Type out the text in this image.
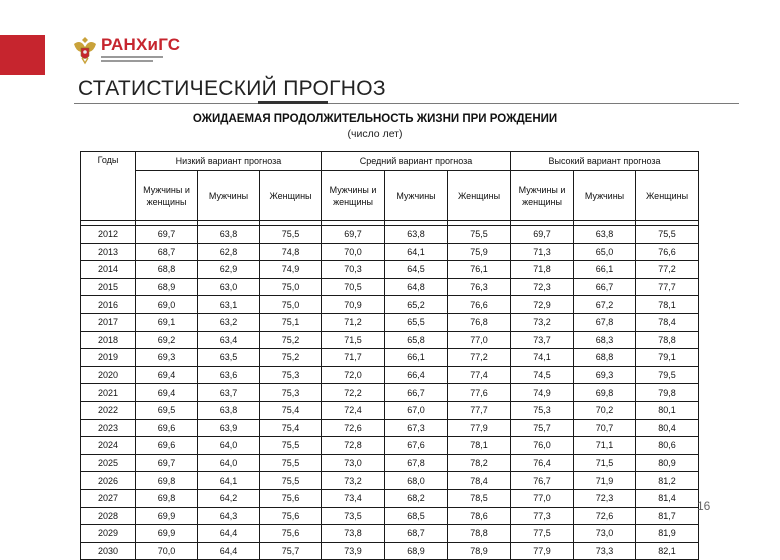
РАНХиГС
СТАТИСТИЧЕСКИЙ ПРОГНОЗ
ОЖИДАЕМАЯ ПРОДОЛЖИТЕЛЬНОСТЬ ЖИЗНИ ПРИ РОЖДЕНИИ
(число лет)
Годы	Низкий вариант прогноза			Средний вариант прогноза			Высокий вариант прогноза		
	Мужчины и женщины	Мужчины	Женщины	Мужчины и женщины	Мужчины	Женщины	Мужчины и женщины	Мужчины	Женщины

2012	69,7	63,8	75,5	69,7	63,8	75,5	69,7	63,8	75,5
2013	68,7	62,8	74,8	70,0	64,1	75,9	71,3	65,0	76,6
2014	68,8	62,9	74,9	70,3	64,5	76,1	71,8	66,1	77,2
2015	68,9	63,0	75,0	70,5	64,8	76,3	72,3	66,7	77,7
2016	69,0	63,1	75,0	70,9	65,2	76,6	72,9	67,2	78,1
2017	69,1	63,2	75,1	71,2	65,5	76,8	73,2	67,8	78,4
2018	69,2	63,4	75,2	71,5	65,8	77,0	73,7	68,3	78,8
2019	69,3	63,5	75,2	71,7	66,1	77,2	74,1	68,8	79,1
2020	69,4	63,6	75,3	72,0	66,4	77,4	74,5	69,3	79,5
2021	69,4	63,7	75,3	72,2	66,7	77,6	74,9	69,8	79,8
2022	69,5	63,8	75,4	72,4	67,0	77,7	75,3	70,2	80,1
2023	69,6	63,9	75,4	72,6	67,3	77,9	75,7	70,7	80,4
2024	69,6	64,0	75,5	72,8	67,6	78,1	76,0	71,1	80,6
2025	69,7	64,0	75,5	73,0	67,8	78,2	76,4	71,5	80,9
2026	69,8	64,1	75,5	73,2	68,0	78,4	76,7	71,9	81,2
2027	69,8	64,2	75,6	73,4	68,2	78,5	77,0	72,3	81,4
2028	69,9	64,3	75,6	73,5	68,5	78,6	77,3	72,6	81,7
2029	69,9	64,4	75,6	73,8	68,7	78,8	77,5	73,0	81,9
2030	70,0	64,4	75,7	73,9	68,9	78,9	77,9	73,3	82,1
16
